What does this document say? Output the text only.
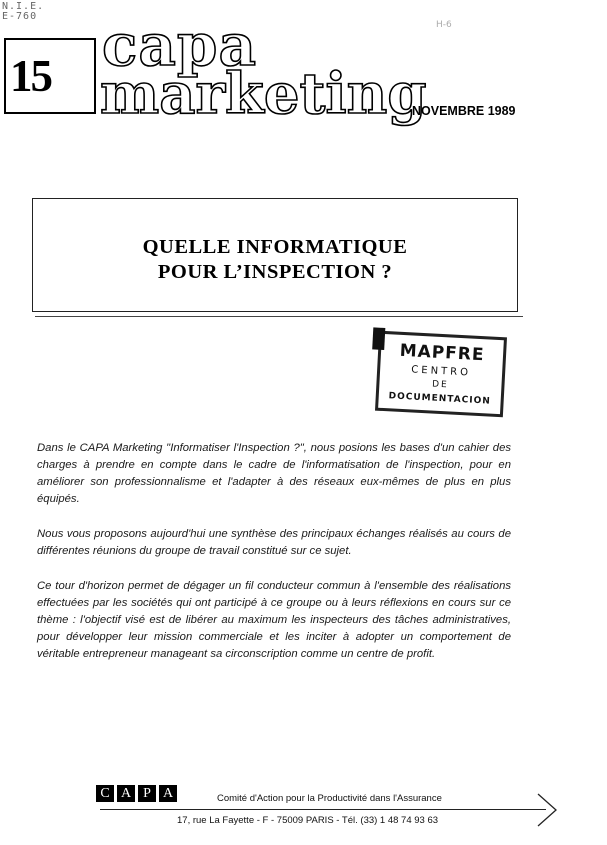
N.I.E.
E-760
H-6
15 capa
marketing
NOVEMBRE 1989
QUELLE INFORMATIQUE
POUR L’INSPECTION ?
MAPFRE
CENTRO
DE
DOCUMENTACION

Dans le CAPA Marketing "Informatiser l'Inspection ?", nous posions les bases d'un cahier des charges à prendre en compte dans le cadre de l'informatisation de l'inspection, pour en améliorer son professionnalisme et l'adapter à des réseaux eux-mêmes de plus en plus équipés.

Nous vous proposons aujourd'hui une synthèse des principaux échanges réalisés au cours de différentes réunions du groupe de travail constitué sur ce sujet.

Ce tour d'horizon permet de dégager un fil conducteur commun à l'ensemble des réalisations effectuées par les sociétés qui ont participé à ce groupe ou à leurs réflexions en cours sur ce thème : l'objectif visé est de libérer au maximum les inspecteurs des tâches administratives, pour développer leur mission commerciale et les inciter à adopter un comportement de véritable entrepreneur manageant sa circonscription comme un centre de profit.

C A P A	Comité d'Action pour la Productivité dans l'Assurance
17, rue La Fayette - F - 75009 PARIS - Tél. (33) 1 48 74 93 63
